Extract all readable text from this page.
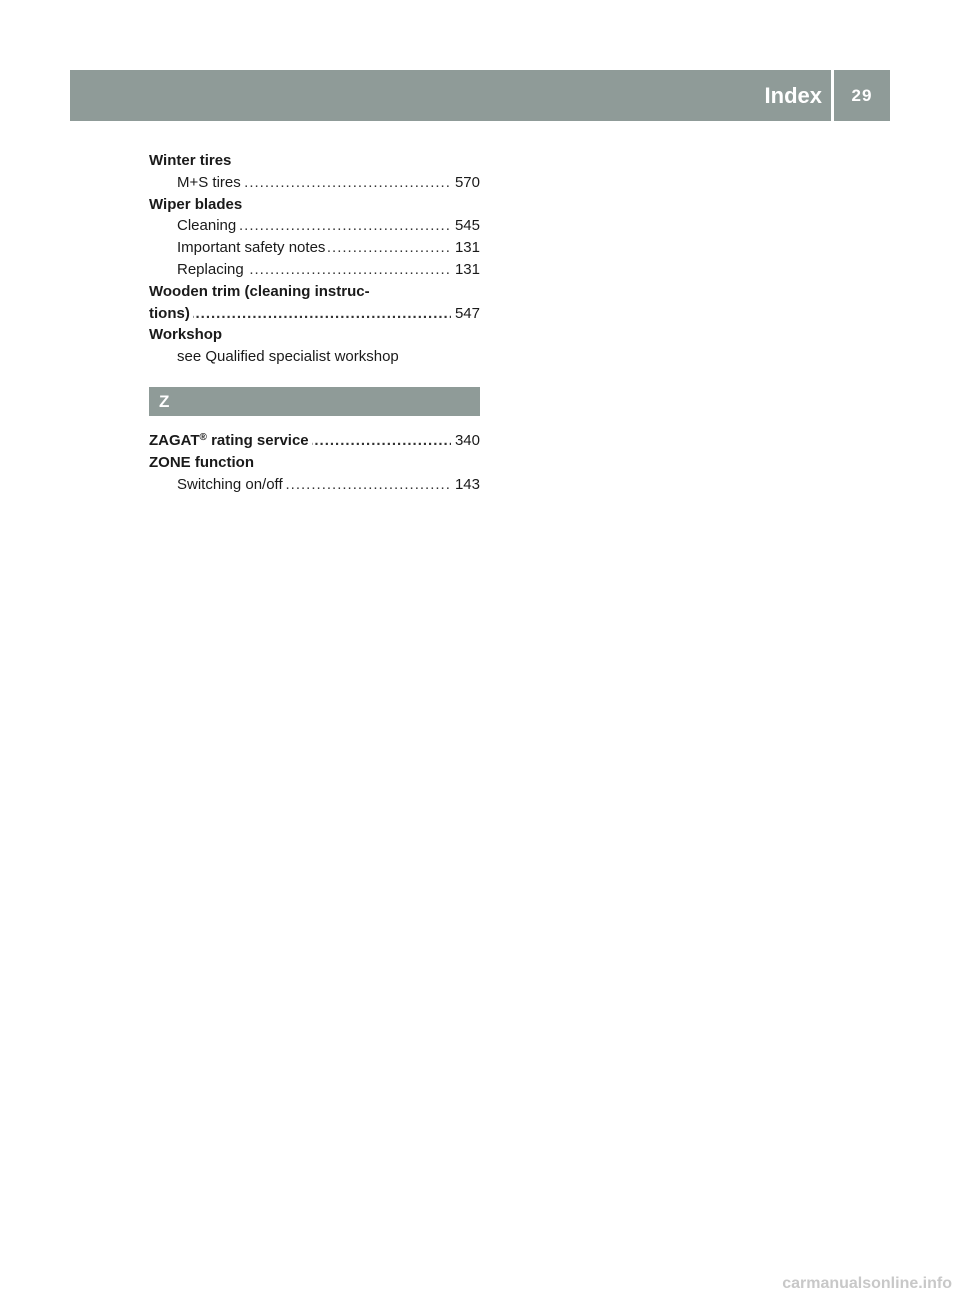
Index	29
Winter tires
M+S tires	570
.....
Wiper blades
Cleaning	545
.....
Important safety notes	131
.....
Replacing	131
.....
Wooden trim (cleaning instruc-
tions)	547
.....
Workshop
see Qualified specialist workshop
Z
ZAGAT® rating service	340
.....
ZONE function
Switching on/off	143
.....
carmanualsonline.info
